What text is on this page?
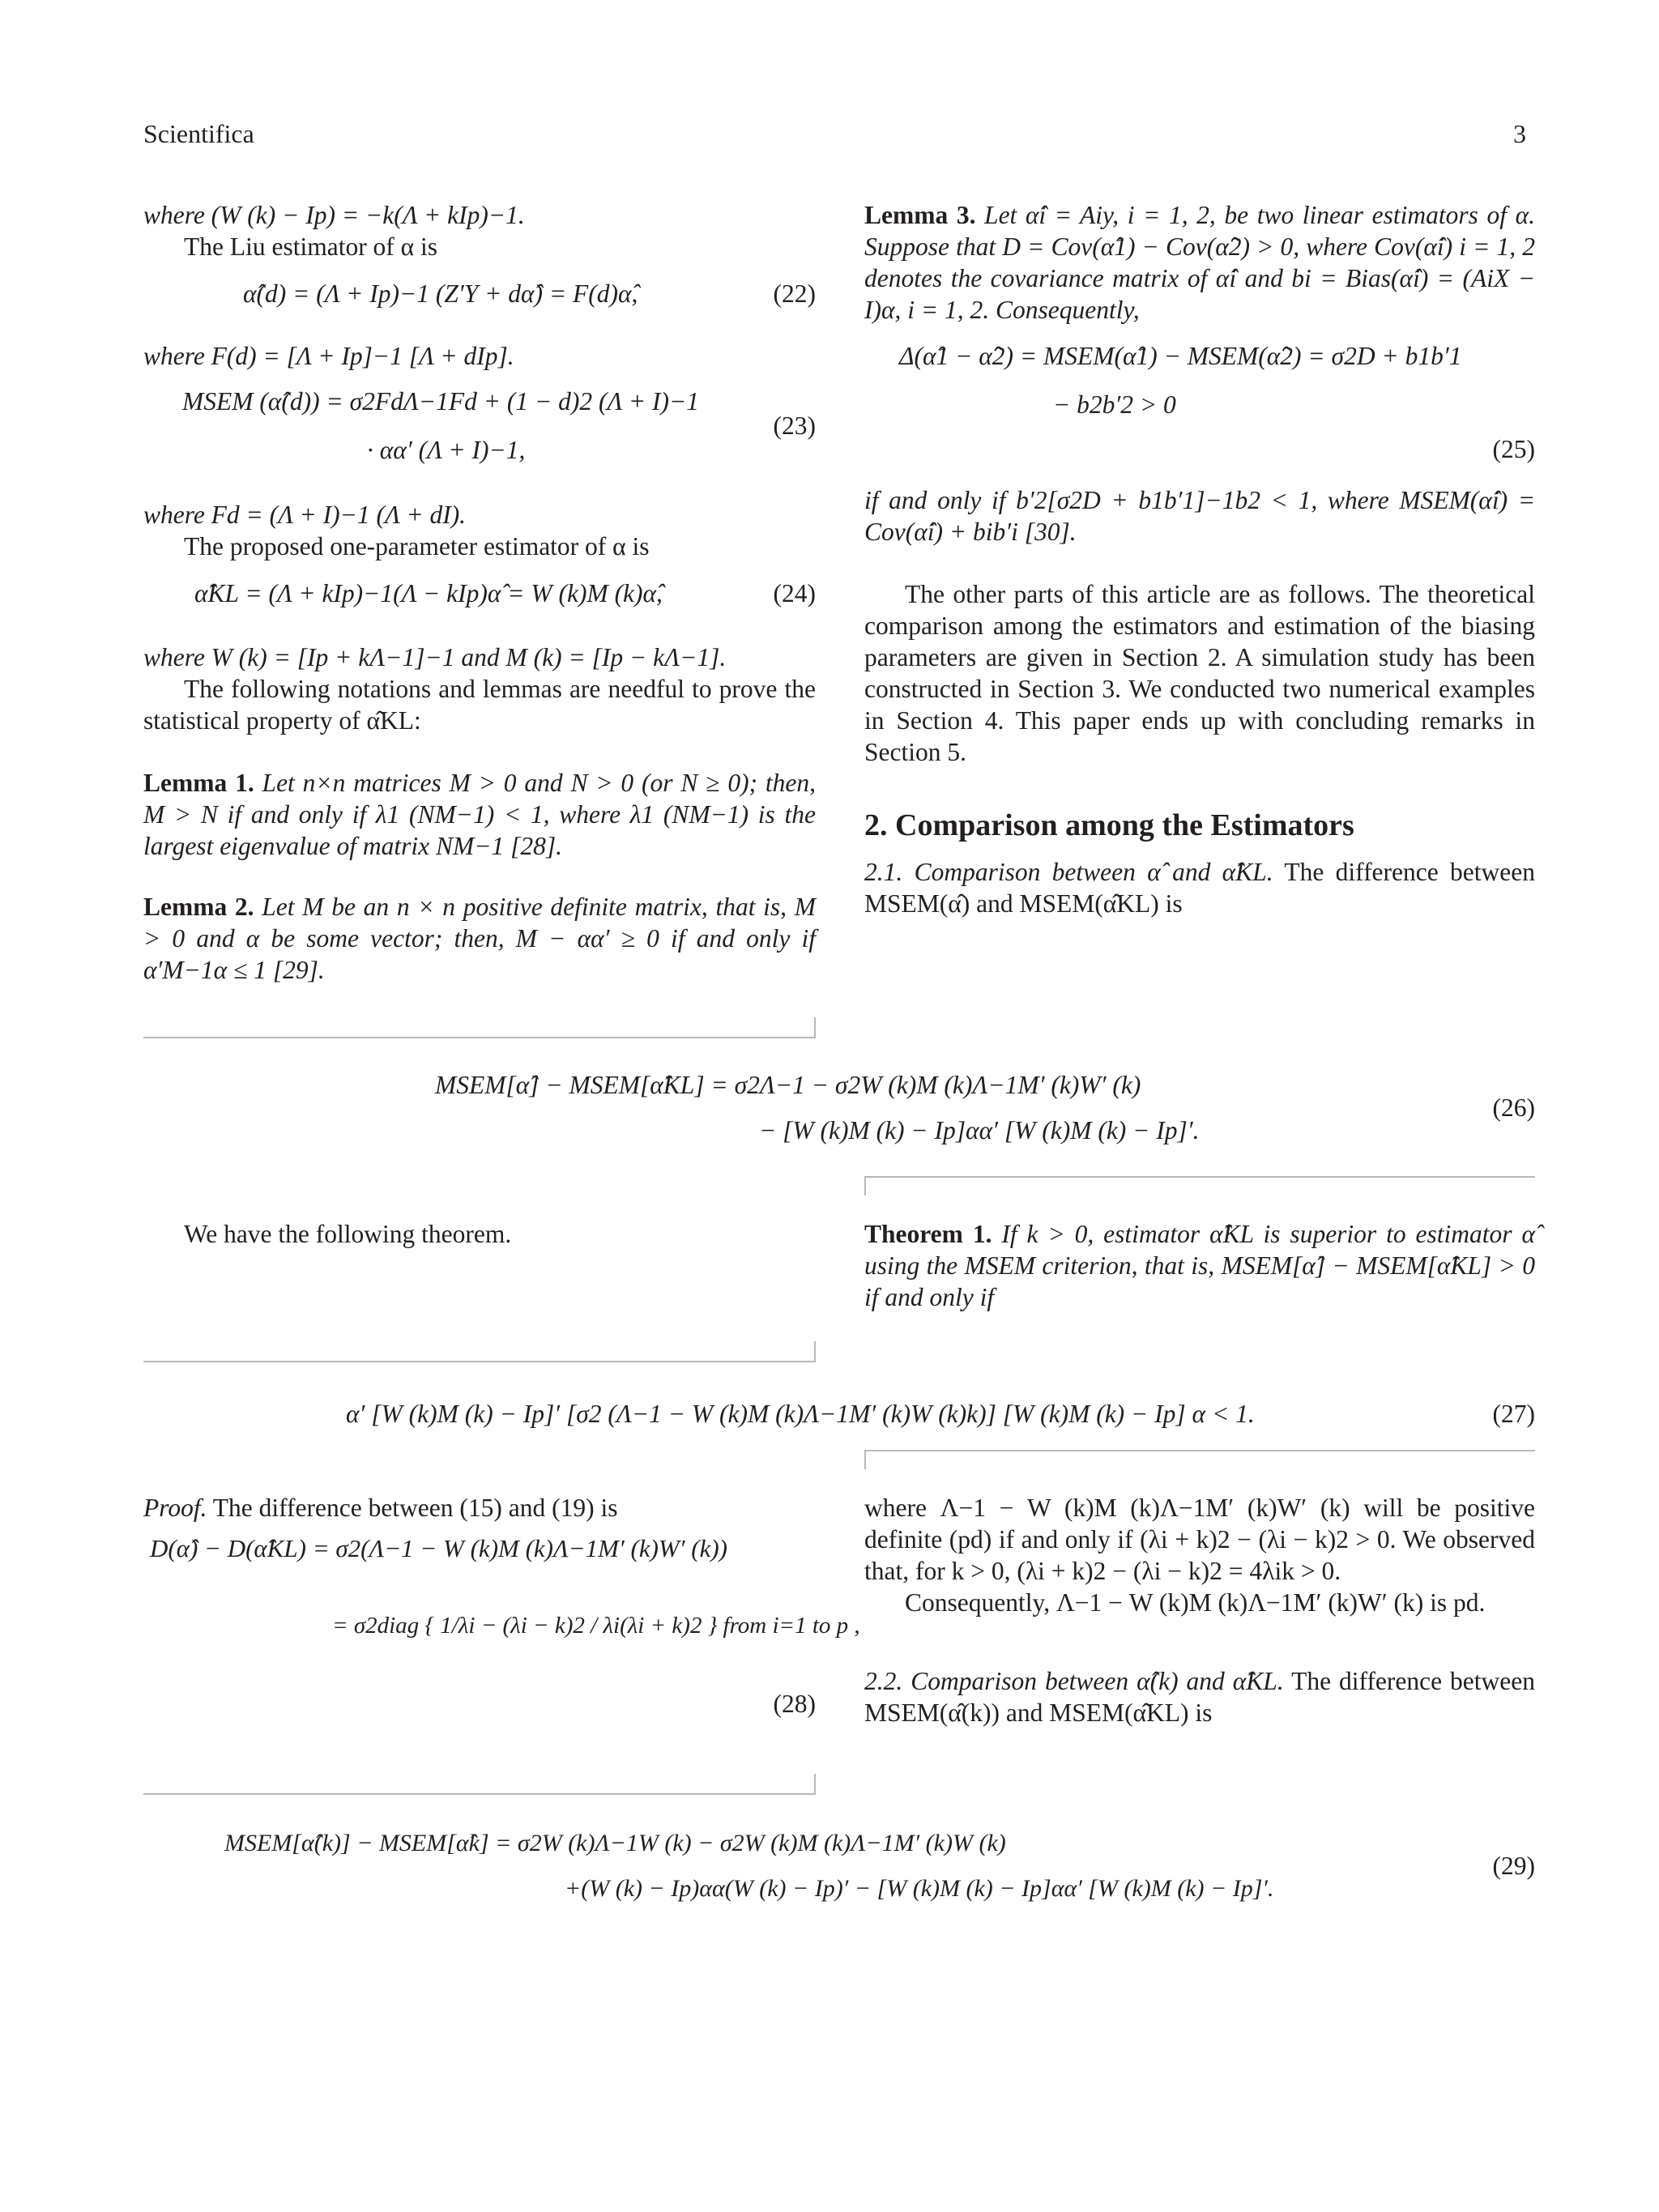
Scientifica	3

where (W (k) − Ip) = −k(Λ + kIp)−1.

The Liu estimator of α is

α̂(d) = (Λ + Ip)−1 (Z′Y + dα̂) = F(d)α̂,	(22)
where F(d) = [Λ + Ip]−1 [Λ + dIp].
MSEM (α̂(d)) = σ2FdΛ−1Fd + (1 − d)2 (Λ + I)−1
· αα′ (Λ + I)−1,
(23)

where Fd = (Λ + I)−1 (Λ + dI).

The proposed one-parameter estimator of α is

α̂KL = (Λ + kIp)−1(Λ − kIp)α̂ = W (k)M (k)α̂,	(24)

where W (k) = [Ip + kΛ−1]−1 and M (k) = [Ip − kΛ−1].

The following notations and lemmas are needful to prove the statistical property of α̂KL:

Lemma 1. Let n×n matrices M > 0 and N > 0 (or N ≥ 0); then, M > N if and only if λ1 (NM−1) < 1, where λ1 (NM−1) is the largest eigenvalue of matrix NM−1 [28].

Lemma 2. Let M be an n × n positive definite matrix, that is, M > 0 and α be some vector; then, M − αα′ ≥ 0 if and only if α′M−1α ≤ 1 [29].

Lemma 3. Let α̂i = Aiy, i = 1, 2, be two linear estimators of α. Suppose that D = Cov(α̂1) − Cov(α̂2) > 0, where Cov(α̂i) i = 1, 2 denotes the covariance matrix of α̂i and bi = Bias(α̂i) = (AiX − I)α, i = 1, 2. Consequently,

Δ(α̂1 − α̂2) = MSEM(α̂1) − MSEM(α̂2) = σ2D + b1b′1
− b2b′2 > 0
(25)

if and only if b′2[σ2D + b1b′1]−1b2 < 1, where MSEM(α̂i) = Cov(α̂i) + bib′i [30].

The other parts of this article are as follows. The theoretical comparison among the estimators and estimation of the biasing parameters are given in Section 2. A simulation study has been constructed in Section 3. We conducted two numerical examples in Section 4. This paper ends up with concluding remarks in Section 5.

2. Comparison among the Estimators

2.1. Comparison between α̂ and α̂KL. The difference between MSEM(α̂) and MSEM(α̂KL) is

MSEM[α̂] − MSEM[α̂KL] = σ2Λ−1 − σ2W (k)M (k)Λ−1M′ (k)W′ (k)
− [W (k)M (k) − Ip]αα′ [W (k)M (k) − Ip]′.
(26)
We have the following theorem.	Theorem 1. If k > 0, estimator α̂KL is superior to estimator α̂ using the MSEM criterion, that is, MSEM[α̂] − MSEM[α̂KL] > 0 if and only if

α′ [W (k)M (k) − Ip]′ [σ2 (Λ−1 − W (k)M (k)Λ−1M′ (k)W (k)k)] [W (k)M (k) − Ip] α < 1.	(27)

Proof. The difference between (15) and (19) is

D(α̂) − D(α̂KL) = σ2(Λ−1 − W (k)M (k)Λ−1M′ (k)W′ (k))
= σ2diag { 1/λi − (λi − k)2 / λi(λi + k)2 } from i=1 to p ,
(28)

where Λ−1 − W (k)M (k)Λ−1M′ (k)W′ (k) will be positive definite (pd) if and only if (λi + k)2 − (λi − k)2 > 0. We observed that, for k > 0, (λi + k)2 − (λi − k)2 = 4λik > 0.

Consequently, Λ−1 − W (k)M (k)Λ−1M′ (k)W′ (k) is pd.

2.2. Comparison between α̂(k) and α̂KL. The difference between MSEM(α̂(k)) and MSEM(α̂KL) is

MSEM[α̂(k)] − MSEM[α̂k] = σ2W (k)Λ−1W (k) − σ2W (k)M (k)Λ−1M′ (k)W (k)
+(W (k) − Ip)αα(W (k) − Ip)′ − [W (k)M (k) − Ip]αα′ [W (k)M (k) − Ip]′.
(29)
